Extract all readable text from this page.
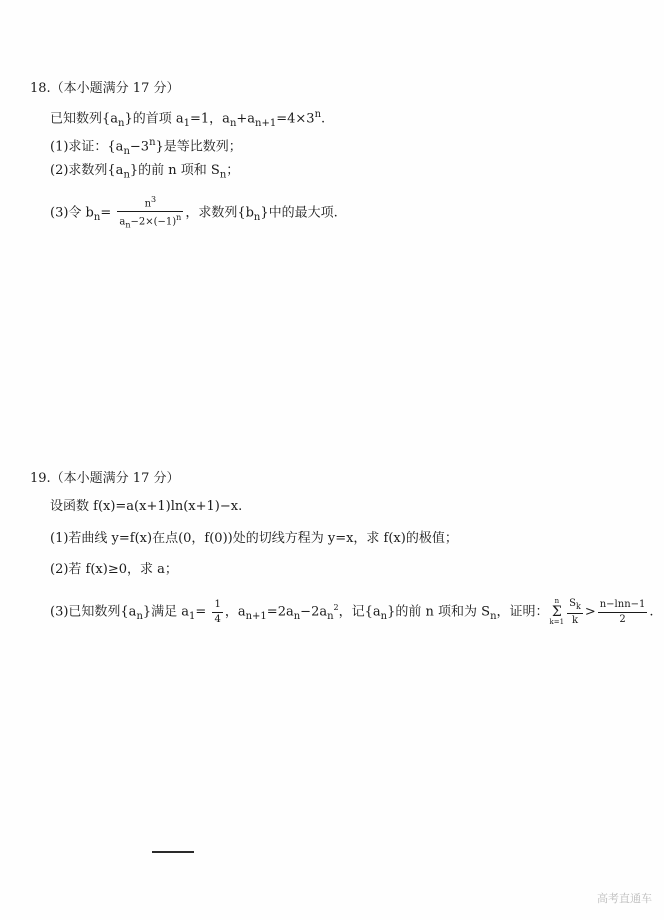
18.（本小题满分 17 分）
已知数列$\{a_n\}$的首项 $a_1=1$，$a_n+a_{n+1}=4\times 3^n$.
(1)求证：$\{a_n-3^n\}$是等比数列；
(2)求数列$\{a_n\}$的前 n 项和 $S_n$；
(3)令 $b_n= \frac{n^3}{a_n-2\times(-1)^n}$ ，求数列$\{b_n\}$中的最大项.
19.（本小题满分 17 分）
设函数 f(x)=a(x+1)ln(x+1)−x.
(1)若曲线 y=f(x)在点(0，f(0))处的切线方程为 y=x，求 f(x)的极值；
(2)若 f(x)≥0，求 a；
(3)已知数列$\{a_n\}$满足 $a_1= \frac{1}{4}$ ，$a_{n+1}=2a_n-2a_n^2$，记$\{a_n\}$的前 n 项和为 $S_n$，证明：
n
Σ
$k=1 \frac{S_k}{k} > \frac{n-\ln n-1}{2}$ .
高考直通车
